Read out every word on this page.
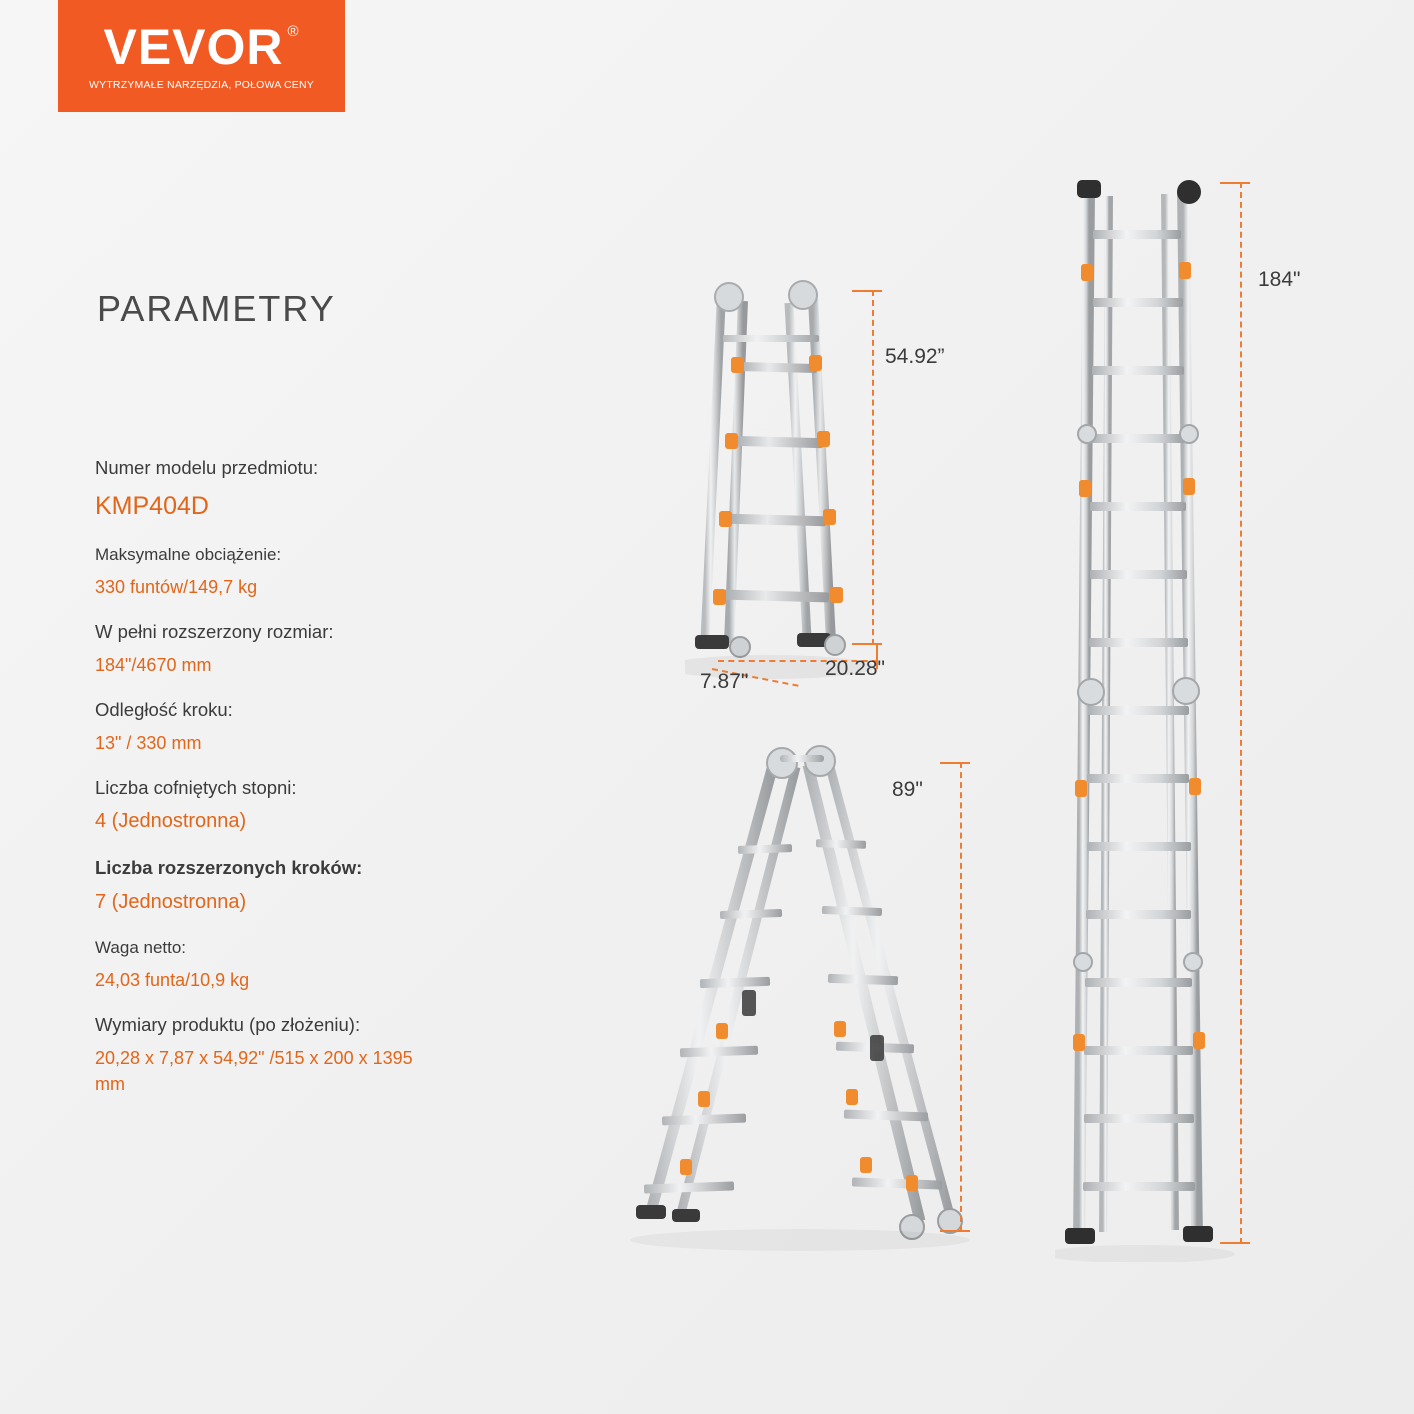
VEVOR ®
WYTRZYMAŁE NARZĘDZIA, POŁOWA CENY
PARAMETRY
Numer modelu przedmiotu:
KMP404D
Maksymalne obciążenie:
330 funtów/149,7 kg
W pełni rozszerzony rozmiar:
184"/4670 mm
Odległość kroku:
13" / 330 mm
Liczba cofniętych stopni:
4 (Jednostronna)
Liczba rozszerzonych kroków:
7 (Jednostronna)
Waga netto:
24,03 funta/10,9 kg
Wymiary produktu (po złożeniu):
20,28 x 7,87 x 54,92" /515 x 200 x 1395 mm
54.92”
20.28"
7.87"
89"
184"
